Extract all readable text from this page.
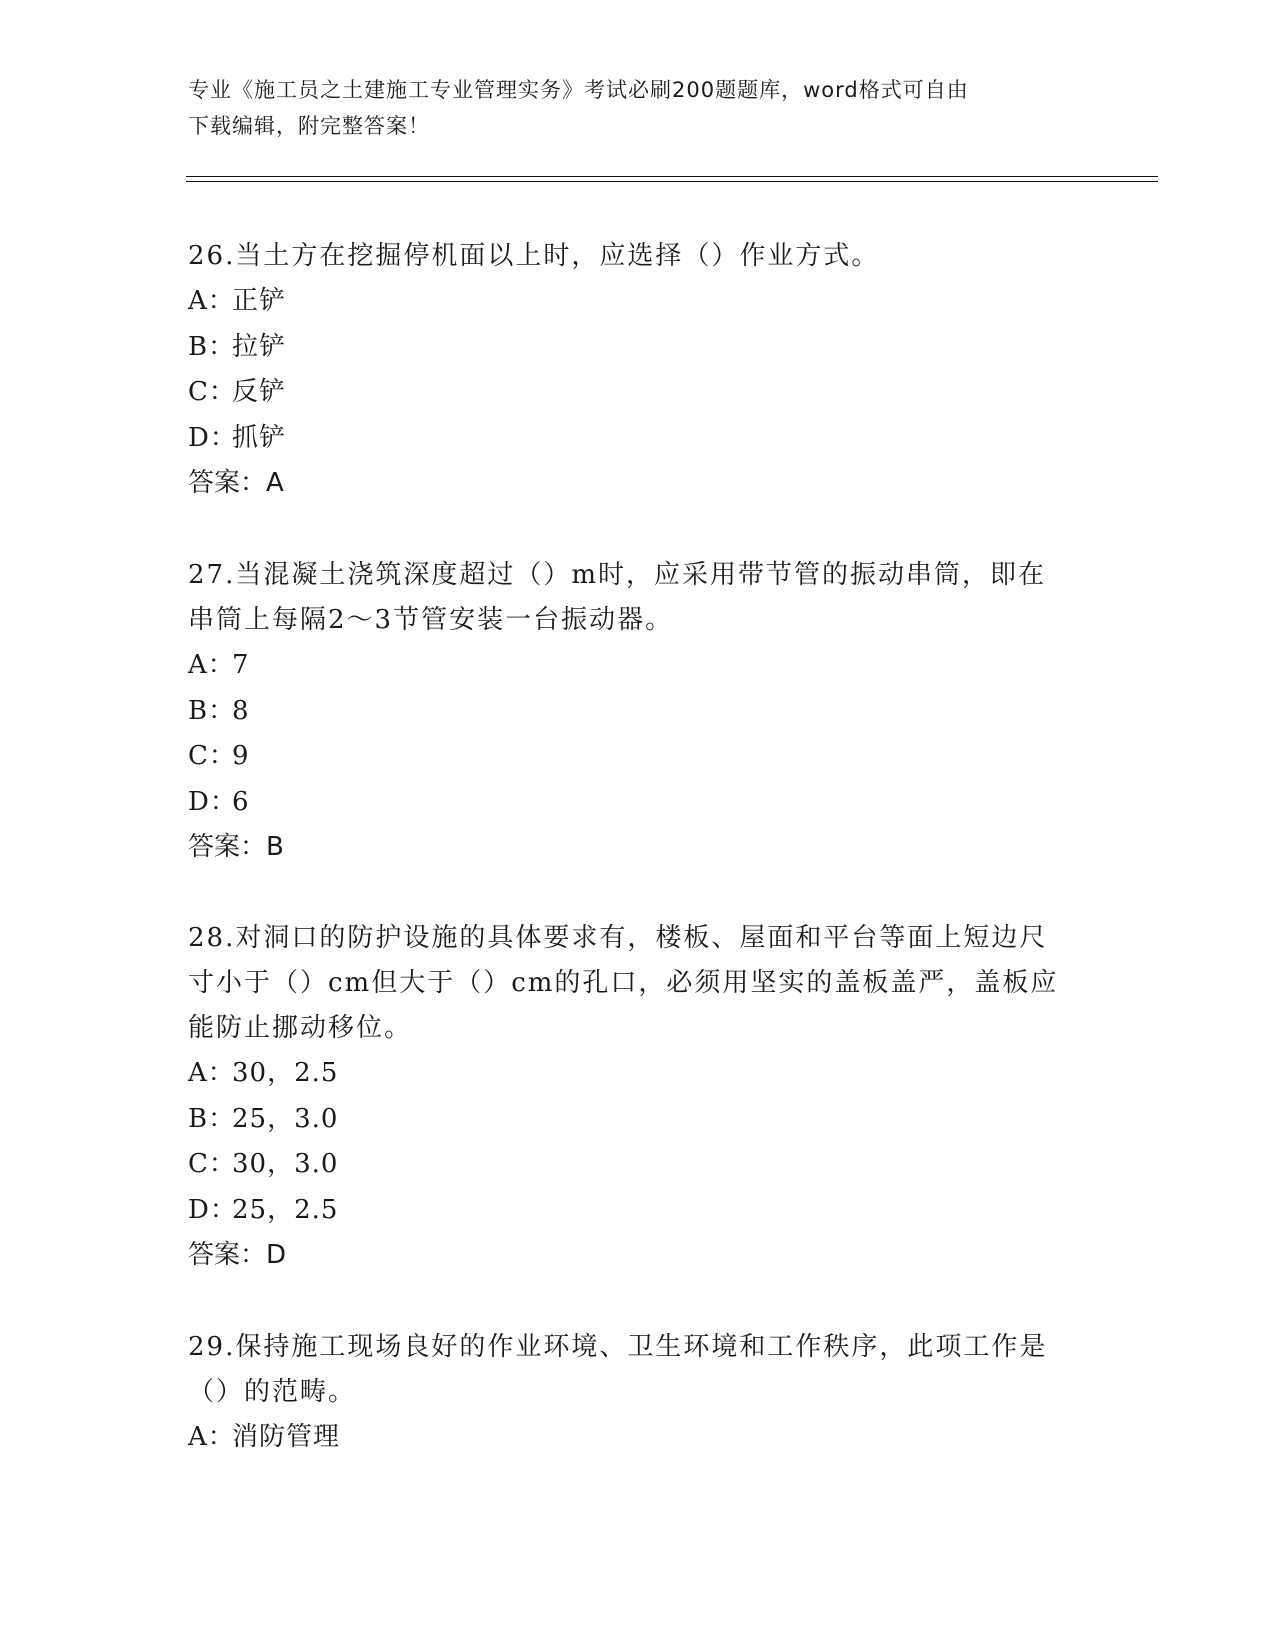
专业《施工员之土建施工专业管理实务》考试必刷200题题库，word格式可自由
下载编辑，附完整答案！

26.当土方在挖掘停机面以上时，应选择（）作业方式。

A：正铲

B：拉铲

C：反铲

D：抓铲

答案：A

27.当混凝土浇筑深度超过（）m时，应采用带节管的振动串筒，即在

串筒上每隔2～3节管安装一台振动器。

A：7

B：8

C：9

D：6

答案：B

28.对洞口的防护设施的具体要求有，楼板、屋面和平台等面上短边尺

寸小于（）cm但大于（）cm的孔口，必须用坚实的盖板盖严，盖板应

能防止挪动移位。

A：30，2.5

B：25，3.0

C：30，3.0

D：25，2.5

答案：D

29.保持施工现场良好的作业环境、卫生环境和工作秩序，此项工作是

（）的范畴。

A：消防管理
